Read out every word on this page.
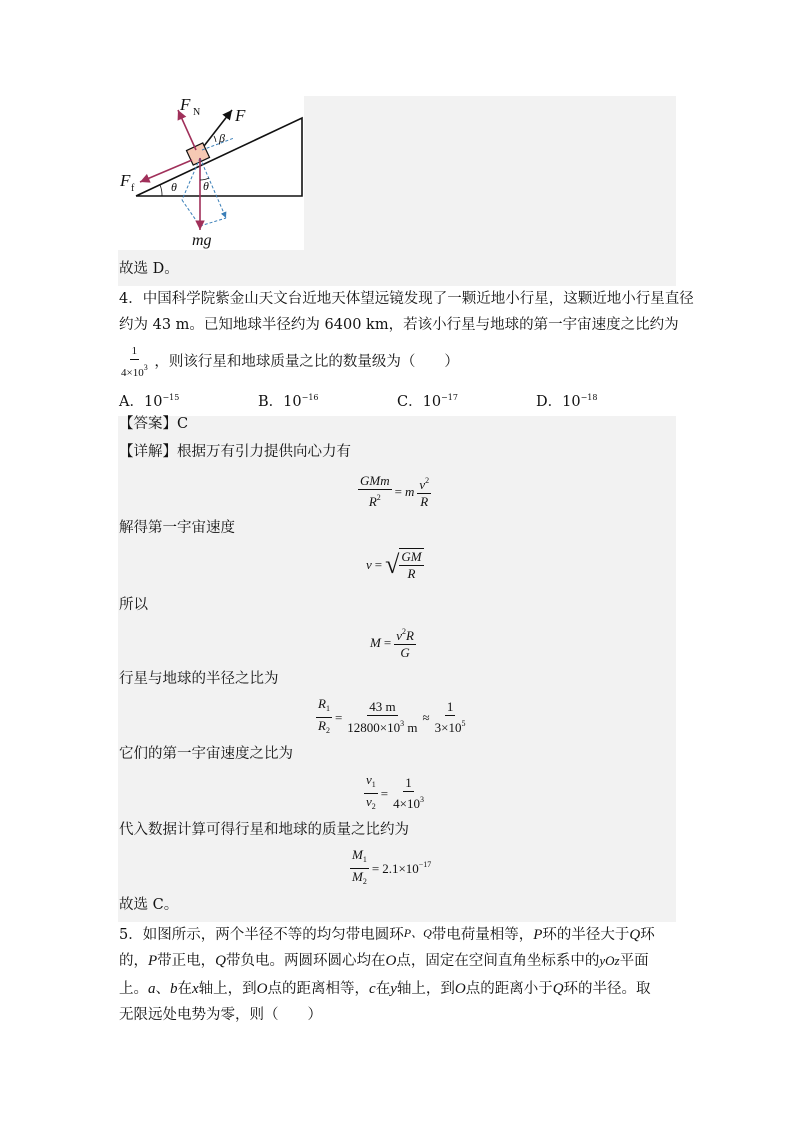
F N F
F f
β
θ θ
mg
故选 D。
4．中国科学院紫金山天文台近地天体望远镜发现了一颗近地小行星，这颗近地小行星直径
约为 43 m。已知地球半径约为 6400 km，若该小行星与地球的第一宇宙速度之比约为
$\frac{1}{4\times 10^3}$ ，则该行星和地球质量之比的数量级为（　　）
A．$10^{-15}$	B．$10^{-16}$	C．$10^{-17}$	D．$10^{-18}$
【答案】C
【详解】根据万有引力提供向心力有
$\frac{\text{GMm}}{R^2} = m \frac{v^2}{R}$
解得第一宇宙速度
v = √ $\frac{GM}{R}$
所以
$M = \frac{v^2R}{G}$
行星与地球的半径之比为
$\frac{R_1}{R_2} = \frac{43 m}{12800\times 10^3 m} \approx \frac{1}{3\times 10^5}$
它们的第一宇宙速度之比为
$\frac{v_1}{v_2} = \frac{1}{4\times 10^3}$
代入数据计算可得行星和地球的质量之比约为
$\frac{M_1}{M_2} = 2.1\times 10^{-17}$
故选 C。
5．如图所示，两个半径不等的均匀带电圆环P、Q带电荷量相等，P环的半径大于Q环
的，P带正电，Q带负电。两圆环圆心均在O点，固定在空间直角坐标系中的yOz平面
上。a、b在x轴上，到O点的距离相等，c在y轴上，到O点的距离小于Q环的半径。取
无限远处电势为零，则（　　）
